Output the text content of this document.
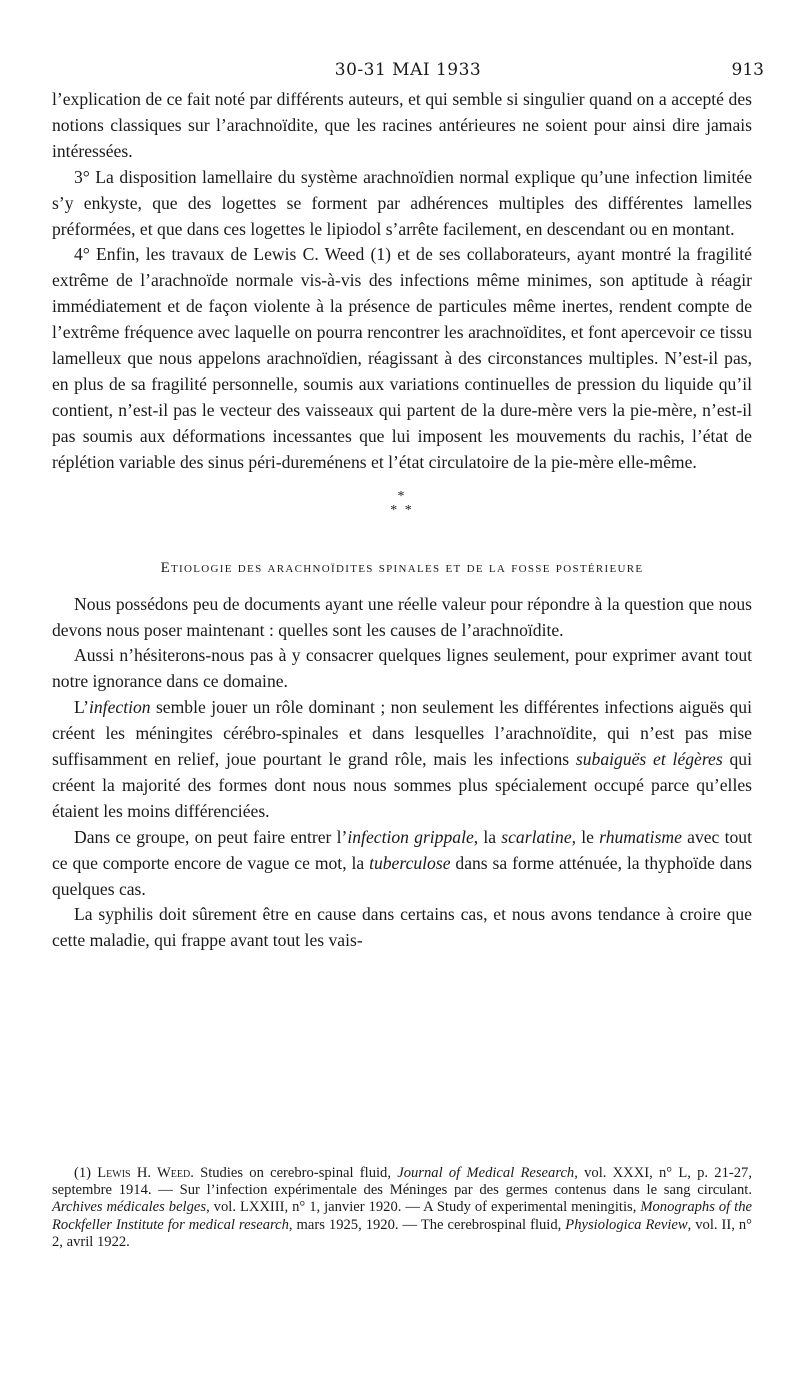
30-31 MAI 1933	913

l’explication de ce fait noté par différents auteurs, et qui semble si singulier quand on a accepté des notions classiques sur l’arachnoïdite, que les racines antérieures ne soient pour ainsi dire jamais intéressées.

3° La disposition lamellaire du système arachnoïdien normal explique qu’une infection limitée s’y enkyste, que des logettes se forment par adhérences multiples des différentes lamelles préformées, et que dans ces logettes le lipiodol s’arrête facilement, en descendant ou en montant.

4° Enfin, les travaux de Lewis C. Weed (1) et de ses collaborateurs, ayant montré la fragilité extrême de l’arachnoïde normale vis-à-vis des infections même minimes, son aptitude à réagir immédiatement et de façon violente à la présence de particules même inertes, rendent compte de l’extrême fréquence avec laquelle on pourra rencontrer les arachnoïdites, et font apercevoir ce tissu lamelleux que nous appelons arachnoïdien, réagissant à des circonstances multiples. N’est-il pas, en plus de sa fragilité personnelle, soumis aux variations continuelles de pression du liquide qu’il contient, n’est-il pas le vecteur des vaisseaux qui partent de la dure-mère vers la pie-mère, n’est-il pas soumis aux déformations incessantes que lui imposent les mouvements du rachis, l’état de réplétion variable des sinus péri-dureménens et l’état circulatoire de la pie-mère elle-même.

*
* *
Etiologie des arachnoïdites spinales et de la fosse postérieure

Nous possédons peu de documents ayant une réelle valeur pour répondre à la question que nous devons nous poser maintenant : quelles sont les causes de l’arachnoïdite.

Aussi n’hésiterons-nous pas à y consacrer quelques lignes seulement, pour exprimer avant tout notre ignorance dans ce domaine.

L’infection semble jouer un rôle dominant ; non seulement les différentes infections aiguës qui créent les méningites cérébro-spinales et dans lesquelles l’arachnoïdite, qui n’est pas mise suffisamment en relief, joue pourtant le grand rôle, mais les infections subaiguës et légères qui créent la majorité des formes dont nous nous sommes plus spécialement occupé parce qu’elles étaient les moins différenciées.

Dans ce groupe, on peut faire entrer l’infection grippale, la scarlatine, le rhumatisme avec tout ce que comporte encore de vague ce mot, la tuberculose dans sa forme atténuée, la thyphoïde dans quelques cas.

La syphilis doit sûrement être en cause dans certains cas, et nous avons tendance à croire que cette maladie, qui frappe avant tout les vais-

(1) Lewis H. Weed. Studies on cerebro-spinal fluid, Journal of Medical Research, vol. XXXI, n° L, p. 21-27, septembre 1914. — Sur l’infection expérimentale des Méninges par des germes contenus dans le sang circulant. Archives médicales belges, vol. LXXIII, n° 1, janvier 1920. — A Study of experimental meningitis, Monographs of the Rockfeller Institute for medical research, mars 1925, 1920. — The cerebrospinal fluid, Physiologica Review, vol. II, n° 2, avril 1922.
